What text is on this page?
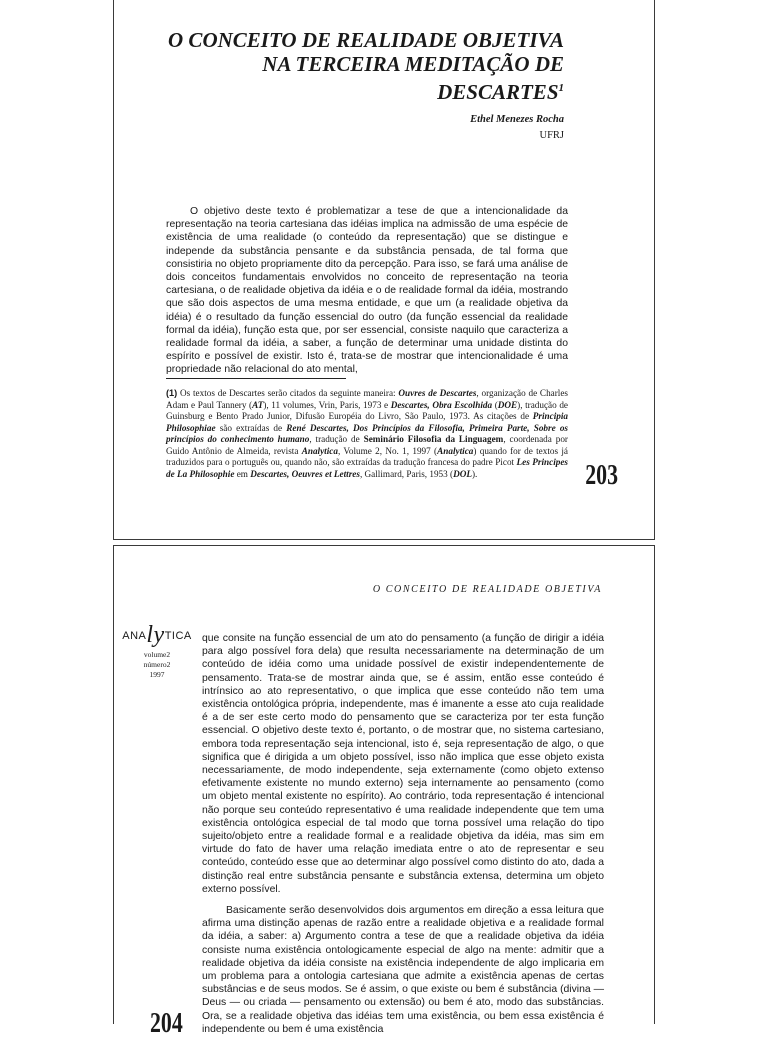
O CONCEITO DE REALIDADE OBJETIVA
NA TERCEIRA MEDITAÇÃO DE
DESCARTES$^1$
Ethel Menezes Rocha
UFRJ

O objetivo deste texto é problematizar a tese de que a intencionalidade da representação na teoria cartesiana das idéias implica na admissão de uma espécie de existência de uma realidade (o conteúdo da representação) que se distingue e independe da substância pensante e da substância pensada, de tal forma que consistiria no objeto propriamente dito da percepção. Para isso, se fará uma análise de dois conceitos fundamentais envolvidos no conceito de representação na teoria cartesiana, o de realidade objetiva da idéia e o de realidade formal da idéia, mostrando que são dois aspectos de uma mesma entidade, e que um (a realidade objetiva da idéia) é o resultado da função essencial do outro (da função essencial da realidade formal da idéia), função esta que, por ser essencial, consiste naquilo que caracteriza a realidade formal da idéia, a saber, a função de determinar uma unidade distinta do espírito e possível de existir. Isto é, trata-se de mostrar que intencionalidade é uma propriedade não relacional do ato mental,

(1) Os textos de Descartes serão citados da seguinte maneira: Ouvres de Descartes, organização de Charles Adam e Paul Tannery (AT), 11 volumes, Vrin, Paris, 1973 e Descartes, Obra Escolhida (DOE), tradução de Guinsburg e Bento Prado Junior, Difusão Européia do Livro, São Paulo, 1973. As citações de Principia Philosophiae são extraídas de René Descartes, Dos Princípios da Filosofia, Primeira Parte, Sobre os princípios do conhecimento humano, tradução de Seminário Filosofia da Linguagem, coordenada por Guido Antônio de Almeida, revista Analytica, Volume 2, No. 1, 1997 (Analytica) quando for de textos já traduzidos para o português ou, quando não, são extraídas da tradução francesa do padre Picot Les Principes de La Philosophie em Descartes, Oeuvres et Lettres, Gallimard, Paris, 1953 (DOL).	203
O CONCEITO DE REALIDADE OBJETIVA
ANAlyTICA
volume2
número2
1997

que consite na função essencial de um ato do pensamento (a função de dirigir a idéia para algo possível fora dela) que resulta necessariamente na determinação de um conteúdo de idéia como uma unidade possível de existir independentemente de pensamento. Trata-se de mostrar ainda que, se é assim, então esse conteúdo é intrínsico ao ato representativo, o que implica que esse conteúdo não tem uma existência ontológica própria, independente, mas é imanente a esse ato cuja realidade é a de ser este certo modo do pensamento que se caracteriza por ter esta função essencial. O objetivo deste texto é, portanto, o de mostrar que, no sistema cartesiano, embora toda representação seja intencional, isto é, seja representação de algo, o que significa que é dirigida a um objeto possível, isso não implica que esse objeto exista necessariamente, de modo independente, seja externamente (como objeto extenso efetivamente existente no mundo externo) seja internamente ao pensamento (como um objeto mental existente no espírito). Ao contrário, toda representação é intencional não porque seu conteúdo representativo é uma realidade independente que tem uma existência ontológica especial de tal modo que torna possível uma relação do tipo sujeito/objeto entre a realidade formal e a realidade objetiva da idéia, mas sim em virtude do fato de haver uma relação imediata entre o ato de representar e seu conteúdo, conteúdo esse que ao determinar algo possível como distinto do ato, dada a distinção real entre substância pensante e substância extensa, determina um objeto externo possível.

Basicamente serão desenvolvidos dois argumentos em direção a essa leitura que afirma uma distinção apenas de razão entre a realidade objetiva e a realidade formal da idéia, a saber: a) Argumento contra a tese de que a realidade objetiva da idéia consiste numa existência ontologicamente especial de algo na mente: admitir que a realidade objetiva da idéia consiste na existência independente de algo implicaria em um problema para a ontologia cartesiana que admite a existência apenas de certas substâncias e de seus modos. Se é assim, o que existe ou bem é substância (divina — Deus — ou criada — pensamento ou extensão) ou bem é ato, modo das substâncias. Ora, se a realidade objetiva das idéias tem uma existência, ou bem essa existência é independente ou bem é uma existência

204
